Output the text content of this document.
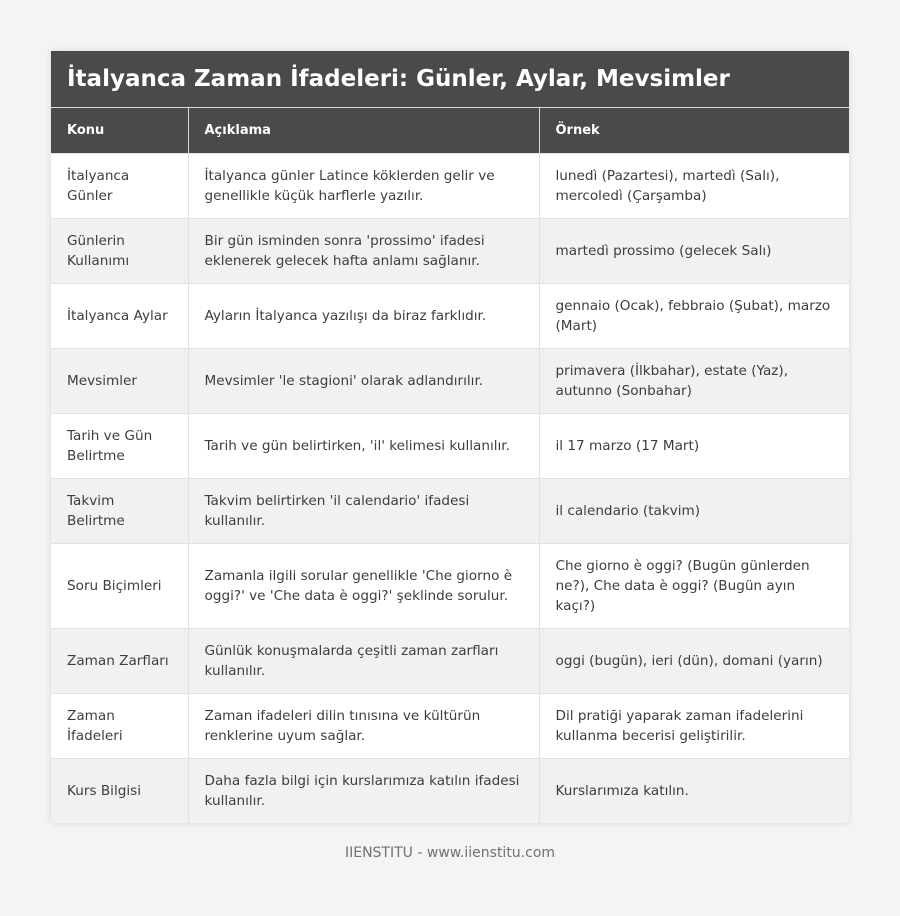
İtalyanca Zaman İfadeleri: Günler, Aylar, Mevsimler
Konu	Açıklama	Örnek
İtalyanca Günler	İtalyanca günler Latince köklerden gelir ve genellikle küçük harflerle yazılır.	lunedì (Pazartesi), martedì (Salı), mercoledì (Çarşamba)
Günlerin Kullanımı	Bir gün isminden sonra 'prossimo' ifadesi eklenerek gelecek hafta anlamı sağlanır.	martedì prossimo (gelecek Salı)
İtalyanca Aylar	Ayların İtalyanca yazılışı da biraz farklıdır.	gennaio (Ocak), febbraio (Şubat), marzo (Mart)
Mevsimler	Mevsimler 'le stagioni' olarak adlandırılır.	primavera (İlkbahar), estate (Yaz), autunno (Sonbahar)
Tarih ve Gün Belirtme	Tarih ve gün belirtirken, 'il' kelimesi kullanılır.	il 17 marzo (17 Mart)
Takvim Belirtme	Takvim belirtirken 'il calendario' ifadesi kullanılır.	il calendario (takvim)
Soru Biçimleri	Zamanla ilgili sorular genellikle 'Che giorno è oggi?' ve 'Che data è oggi?' şeklinde sorulur.	Che giorno è oggi? (Bugün günlerden ne?), Che data è oggi? (Bugün ayın kaçı?)
Zaman Zarfları	Günlük konuşmalarda çeşitli zaman zarfları kullanılır.	oggi (bugün), ieri (dün), domani (yarın)
Zaman İfadeleri	Zaman ifadeleri dilin tınısına ve kültürün renklerine uyum sağlar.	Dil pratiği yaparak zaman ifadelerini kullanma becerisi geliştirilir.
Kurs Bilgisi	Daha fazla bilgi için kurslarımıza katılın ifadesi kullanılır.	Kurslarımıza katılın.
IIENSTITU - www.iienstitu.com
